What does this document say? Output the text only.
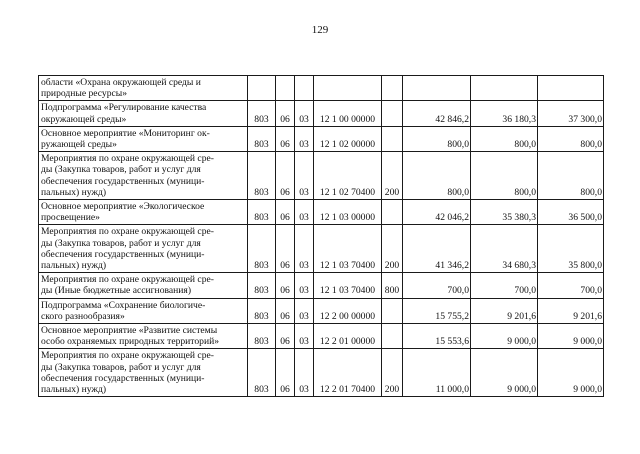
129
области «Охрана окружающей среды и
природные ресурсы»								
Подпрограмма «Регулирование качества
окружающей среды»	803	06	03	12 1 00 00000		42 846,2	36 180,3	37 300,0
Основное мероприятие «Мониторинг ок-
ружающей среды»	803	06	03	12 1 02 00000		800,0	800,0	800,0
Мероприятия по охране окружающей сре-
ды (Закупка товаров, работ и услуг для
обеспечения государственных (муници-
пальных) нужд)	803	06	03	12 1 02 70400	200	800,0	800,0	800,0
Основное мероприятие «Экологическое
просвещение»	803	06	03	12 1 03 00000		42 046,2	35 380,3	36 500,0
Мероприятия по охране окружающей сре-
ды (Закупка товаров, работ и услуг для
обеспечения государственных (муници-
пальных) нужд)	803	06	03	12 1 03 70400	200	41 346,2	34 680,3	35 800,0
Мероприятия по охране окружающей сре-
ды (Иные бюджетные ассигнования)	803	06	03	12 1 03 70400	800	700,0	700,0	700,0
Подпрограмма «Сохранение биологиче-
ского разнообразия»	803	06	03	12 2 00 00000		15 755,2	9 201,6	9 201,6
Основное мероприятие «Развитие системы
особо охраняемых природных территорий»	803	06	03	12 2 01 00000		15 553,6	9 000,0	9 000,0
Мероприятия по охране окружающей сре-
ды (Закупка товаров, работ и услуг для
обеспечения государственных (муници-
пальных) нужд)	803	06	03	12 2 01 70400	200	11 000,0	9 000,0	9 000,0
